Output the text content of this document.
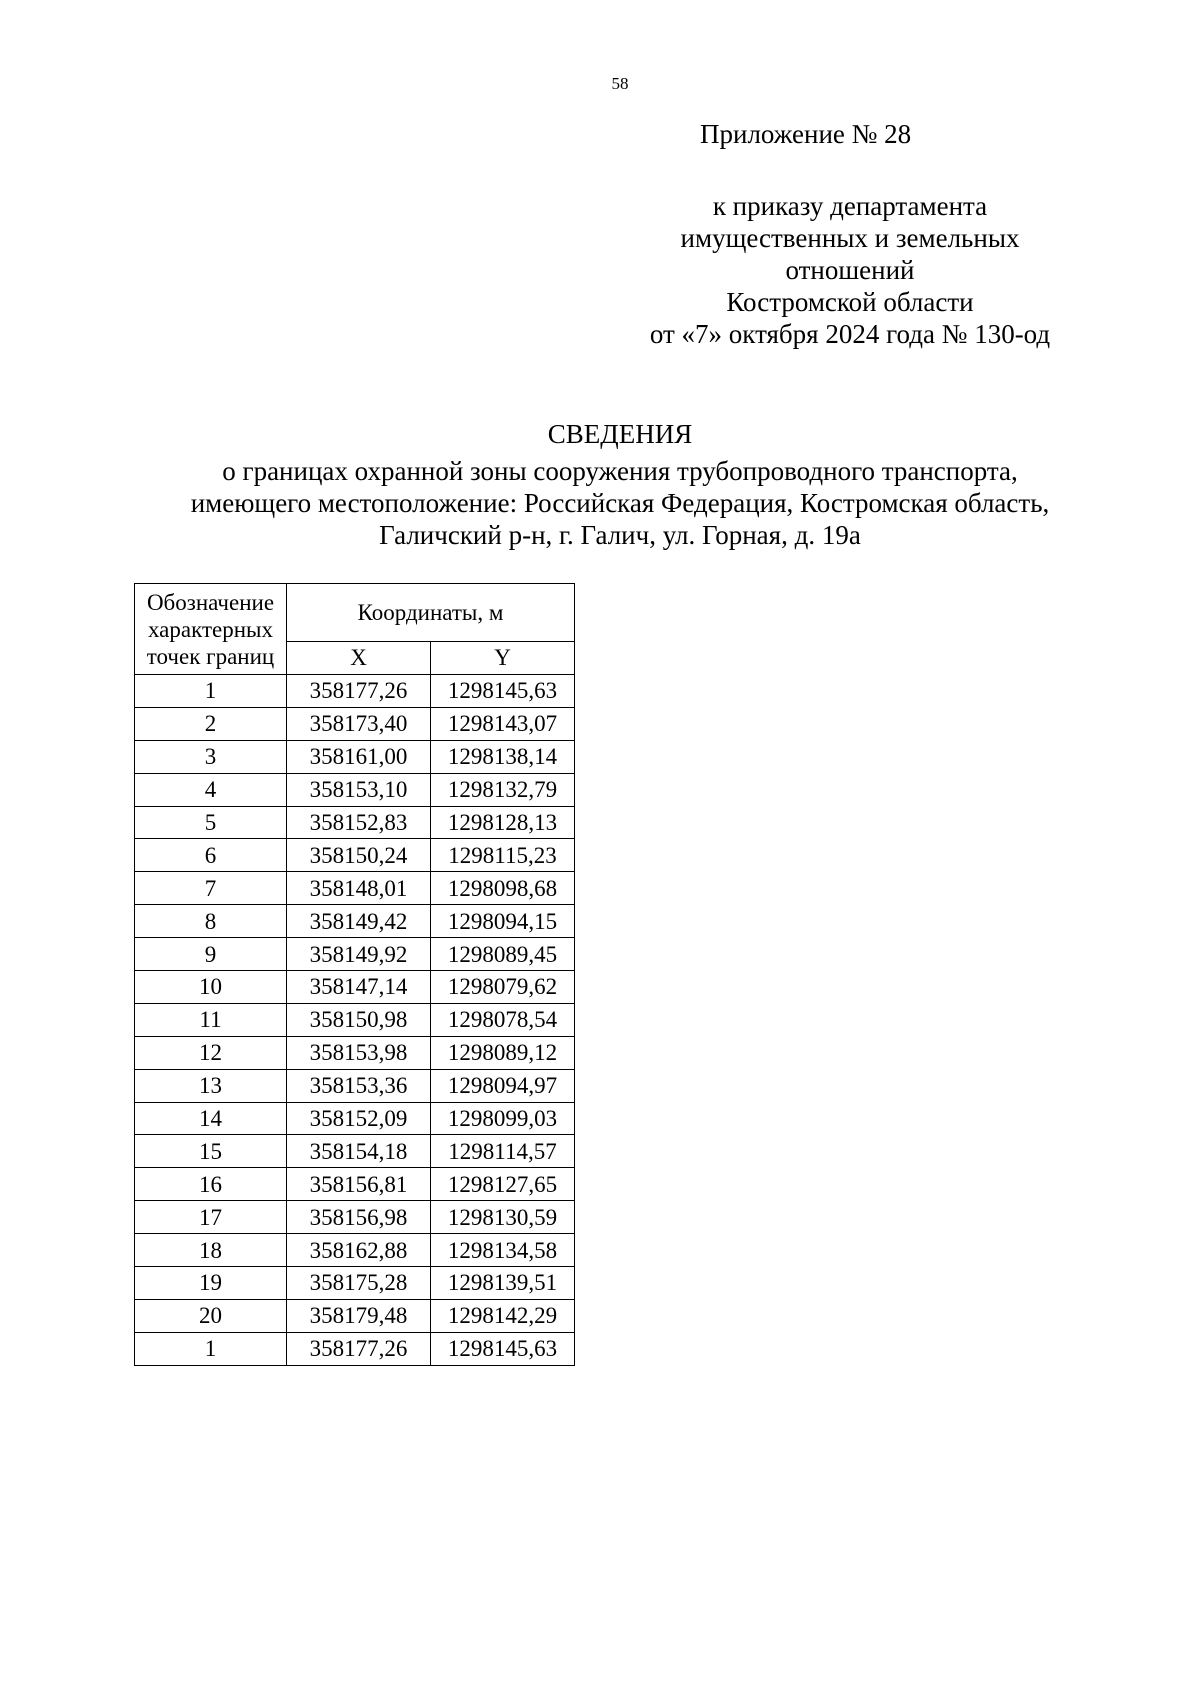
58
Приложение № 28
к приказу департамента
имущественных и земельных
отношений
Костромской области
от «7» октября 2024 года № 130-од
СВЕДЕНИЯ
о границах охранной зоны сооружения трубопроводного транспорта,
имеющего местоположение: Российская Федерация, Костромская область,
Галичский р-н, г. Галич, ул. Горная, д. 19а
Обозначение характерных точек границ	Координаты, м	
	X	Y
1	358177,26	1298145,63
2	358173,40	1298143,07
3	358161,00	1298138,14
4	358153,10	1298132,79
5	358152,83	1298128,13
6	358150,24	1298115,23
7	358148,01	1298098,68
8	358149,42	1298094,15
9	358149,92	1298089,45
10	358147,14	1298079,62
11	358150,98	1298078,54
12	358153,98	1298089,12
13	358153,36	1298094,97
14	358152,09	1298099,03
15	358154,18	1298114,57
16	358156,81	1298127,65
17	358156,98	1298130,59
18	358162,88	1298134,58
19	358175,28	1298139,51
20	358179,48	1298142,29
1	358177,26	1298145,63
